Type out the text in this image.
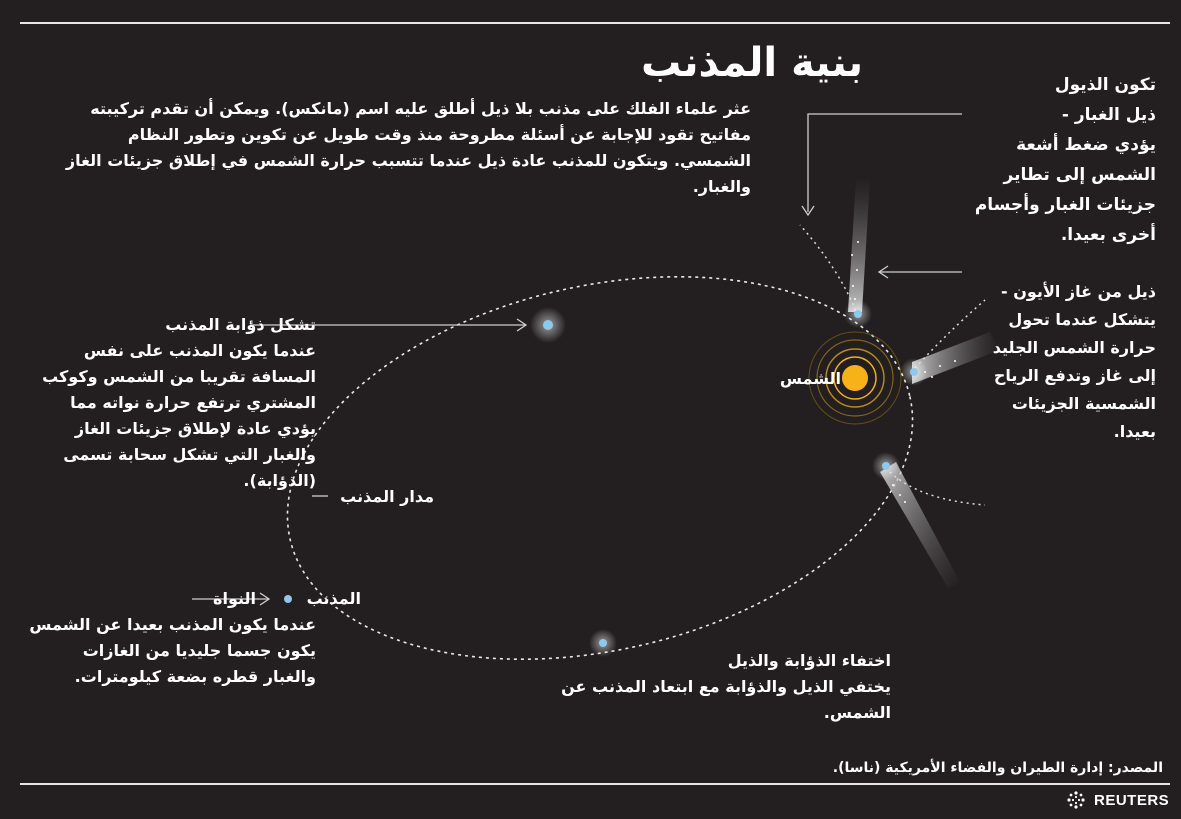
بنية المذنب
عثر علماء الفلك على مذنب بلا ذيل أطلق عليه اسم (مانكس). ويمكن أن تقدم تركيبته
مفاتيح تقود للإجابة عن أسئلة مطروحة منذ وقت طويل عن تكوين وتطور النظام
الشمسي. ويتكون للمذنب عادة ذيل عندما تتسبب حرارة الشمس في إطلاق جزيئات الغاز
والغبار.
تكون الذيول
ذيل الغبار -
يؤدي ضغط أشعة
الشمس إلى تطاير
جزيئات الغبار وأجسام
أخرى بعيدا.
ذيل من غاز الأيون -
يتشكل عندما تحول
حرارة الشمس الجليد
إلى غاز وتدفع الرياح
الشمسية الجزيئات
بعيدا.
الشمس
تشكل ذؤابة المذنب
عندما يكون المذنب على نفس
المسافة تقريبا من الشمس وكوكب
المشتري ترتفع حرارة نواته مما
يؤدي عادة لإطلاق جزيئات الغاز
والغبار التي تشكل سحابة تسمى
(الذؤابة).
مدار المذنب
المذنب
النواة
عندما يكون المذنب بعيدا عن الشمس
يكون جسما جليديا من الغازات
والغبار قطره بضعة كيلومترات.
اختفاء الذؤابة والذيل
يختفي الذيل والذؤابة مع ابتعاد المذنب عن
الشمس.
المصدر: إدارة الطيران والفضاء الأمريكية (ناسا).
REUTERS
